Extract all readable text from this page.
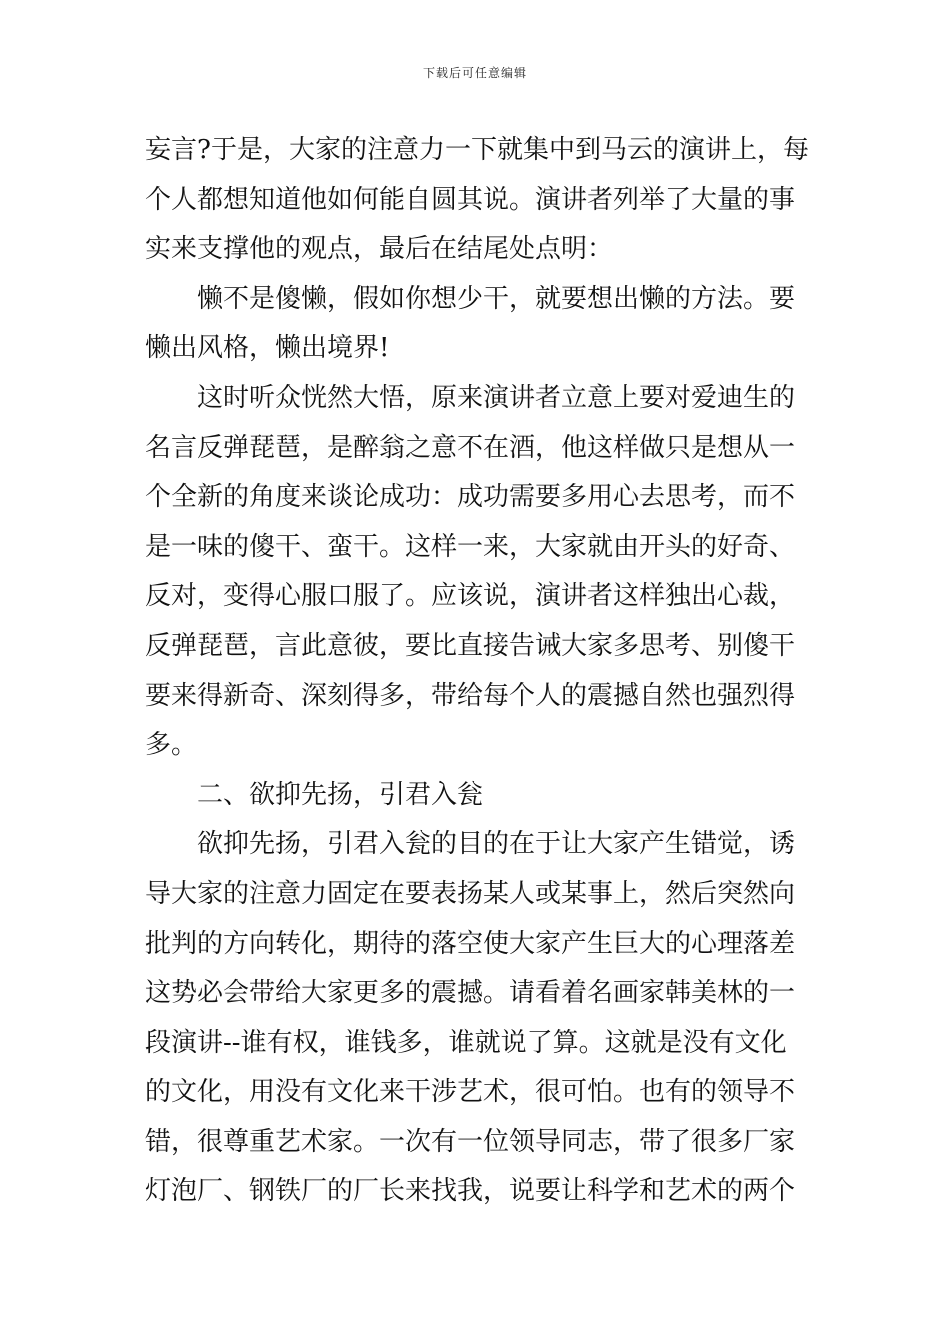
下载后可任意编辑
妄言?于是，大家的注意力一下就集中到马云的演讲上，每
个人都想知道他如何能自圆其说。演讲者列举了大量的事
实来支撑他的观点，最后在结尾处点明：
懒不是傻懒，假如你想少干，就要想出懒的方法。要
懒出风格，懒出境界!
这时听众恍然大悟，原来演讲者立意上要对爱迪生的
名言反弹琵琶，是醉翁之意不在酒，他这样做只是想从一
个全新的角度来谈论成功：成功需要多用心去思考，而不
是一味的傻干、蛮干。这样一来，大家就由开头的好奇、
反对，变得心服口服了。应该说，演讲者这样独出心裁，
反弹琵琶，言此意彼，要比直接告诫大家多思考、别傻干
要来得新奇、深刻得多，带给每个人的震撼自然也强烈得
多。
二、欲抑先扬，引君入瓮
欲抑先扬，引君入瓮的目的在于让大家产生错觉，诱
导大家的注意力固定在要表扬某人或某事上，然后突然向
批判的方向转化，期待的落空使大家产生巨大的心理落差
这势必会带给大家更多的震撼。请看着名画家韩美林的一
段演讲--谁有权，谁钱多，谁就说了算。这就是没有文化
的文化，用没有文化来干涉艺术，很可怕。也有的领导不
错，很尊重艺术家。一次有一位领导同志，带了很多厂家
灯泡厂、钢铁厂的厂长来找我，说要让科学和艺术的两个
